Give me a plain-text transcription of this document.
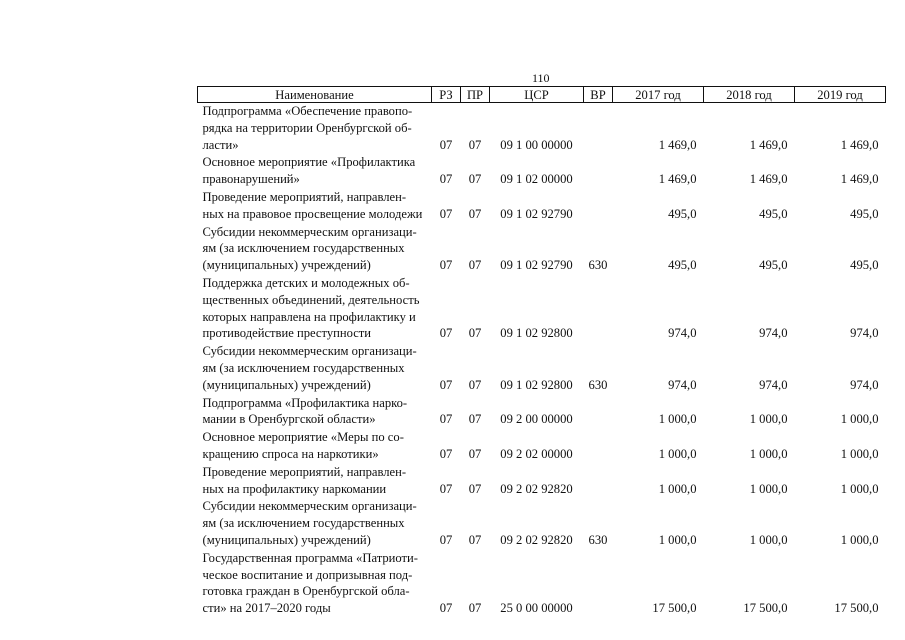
110
Наименование	РЗ	ПР	ЦСР	ВР	2017 год	2018 год	2019 год
Подпрограмма «Обеспечение правопо-
рядка на территории Оренбургской об-
ласти»	07	07	09 1 00 00000		1 469,0	1 469,0	1 469,0
Основное мероприятие «Профилактика
правонарушений»	07	07	09 1 02 00000		1 469,0	1 469,0	1 469,0
Проведение мероприятий, направлен-
ных на правовое просвещение молодежи	07	07	09 1 02 92790		495,0	495,0	495,0
Субсидии некоммерческим организаци-
ям (за исключением государственных
(муниципальных) учреждений)	07	07	09 1 02 92790	630	495,0	495,0	495,0
Поддержка детских и молодежных об-
щественных объединений, деятельность
которых направлена на профилактику и
противодействие преступности	07	07	09 1 02 92800		974,0	974,0	974,0
Субсидии некоммерческим организаци-
ям (за исключением государственных
(муниципальных) учреждений)	07	07	09 1 02 92800	630	974,0	974,0	974,0
Подпрограмма «Профилактика нарко-
мании в Оренбургской области»	07	07	09 2 00 00000		1 000,0	1 000,0	1 000,0
Основное мероприятие «Меры по со-
кращению спроса на наркотики»	07	07	09 2 02 00000		1 000,0	1 000,0	1 000,0
Проведение мероприятий, направлен-
ных на профилактику наркомании	07	07	09 2 02 92820		1 000,0	1 000,0	1 000,0
Субсидии некоммерческим организаци-
ям (за исключением государственных
(муниципальных) учреждений)	07	07	09 2 02 92820	630	1 000,0	1 000,0	1 000,0
Государственная программа «Патриоти-
ческое воспитание и допризывная под-
готовка граждан в Оренбургской обла-
сти» на 2017–2020 годы	07	07	25 0 00 00000		17 500,0	17 500,0	17 500,0
